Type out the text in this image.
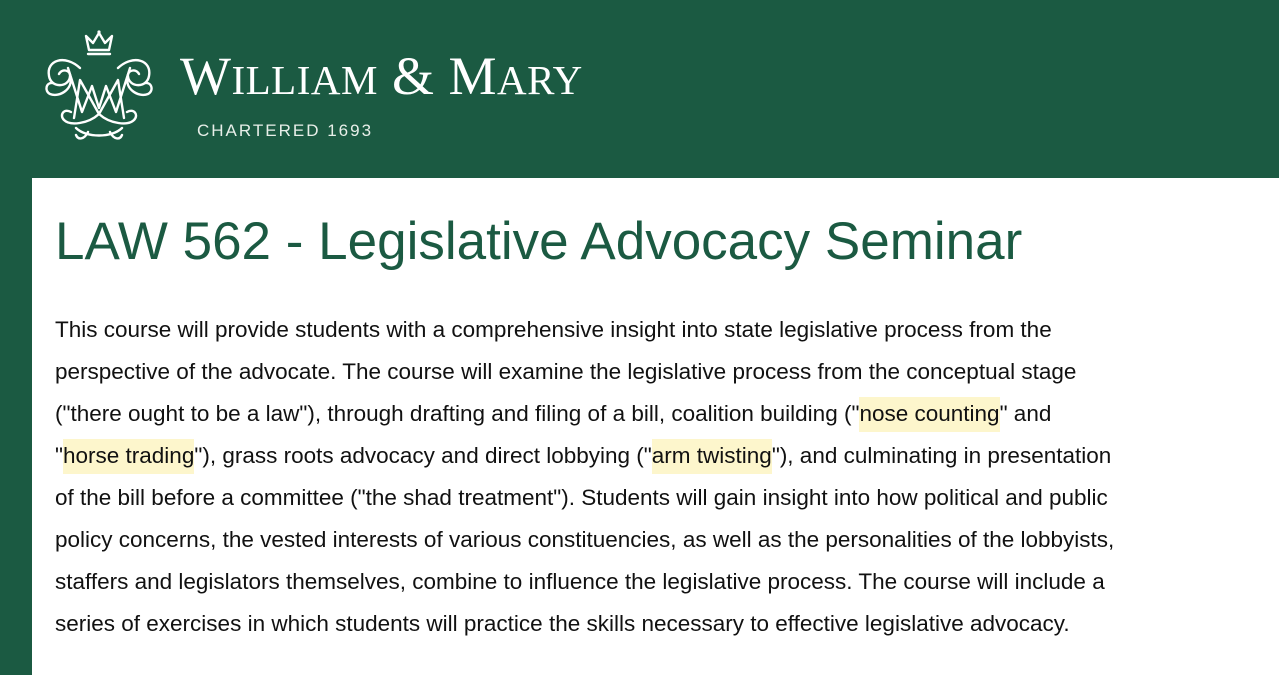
WILLIAM & MARY
CHARTERED 1693
LAW 562 - Legislative Advocacy Seminar

This course will provide students with a comprehensive insight into state legislative process from the
perspective of the advocate. The course will examine the legislative process from the conceptual stage
("there ought to be a law"), through drafting and filing of a bill, coalition building ("nose counting" and
"horse trading"), grass roots advocacy and direct lobbying ("arm twisting"), and culminating in presentation
of the bill before a committee ("the shad treatment"). Students will gain insight into how political and public
policy concerns, the vested interests of various constituencies, as well as the personalities of the lobbyists,
staffers and legislators themselves, combine to influence the legislative process. The course will include a
series of exercises in which students will practice the skills necessary to effective legislative advocacy.
